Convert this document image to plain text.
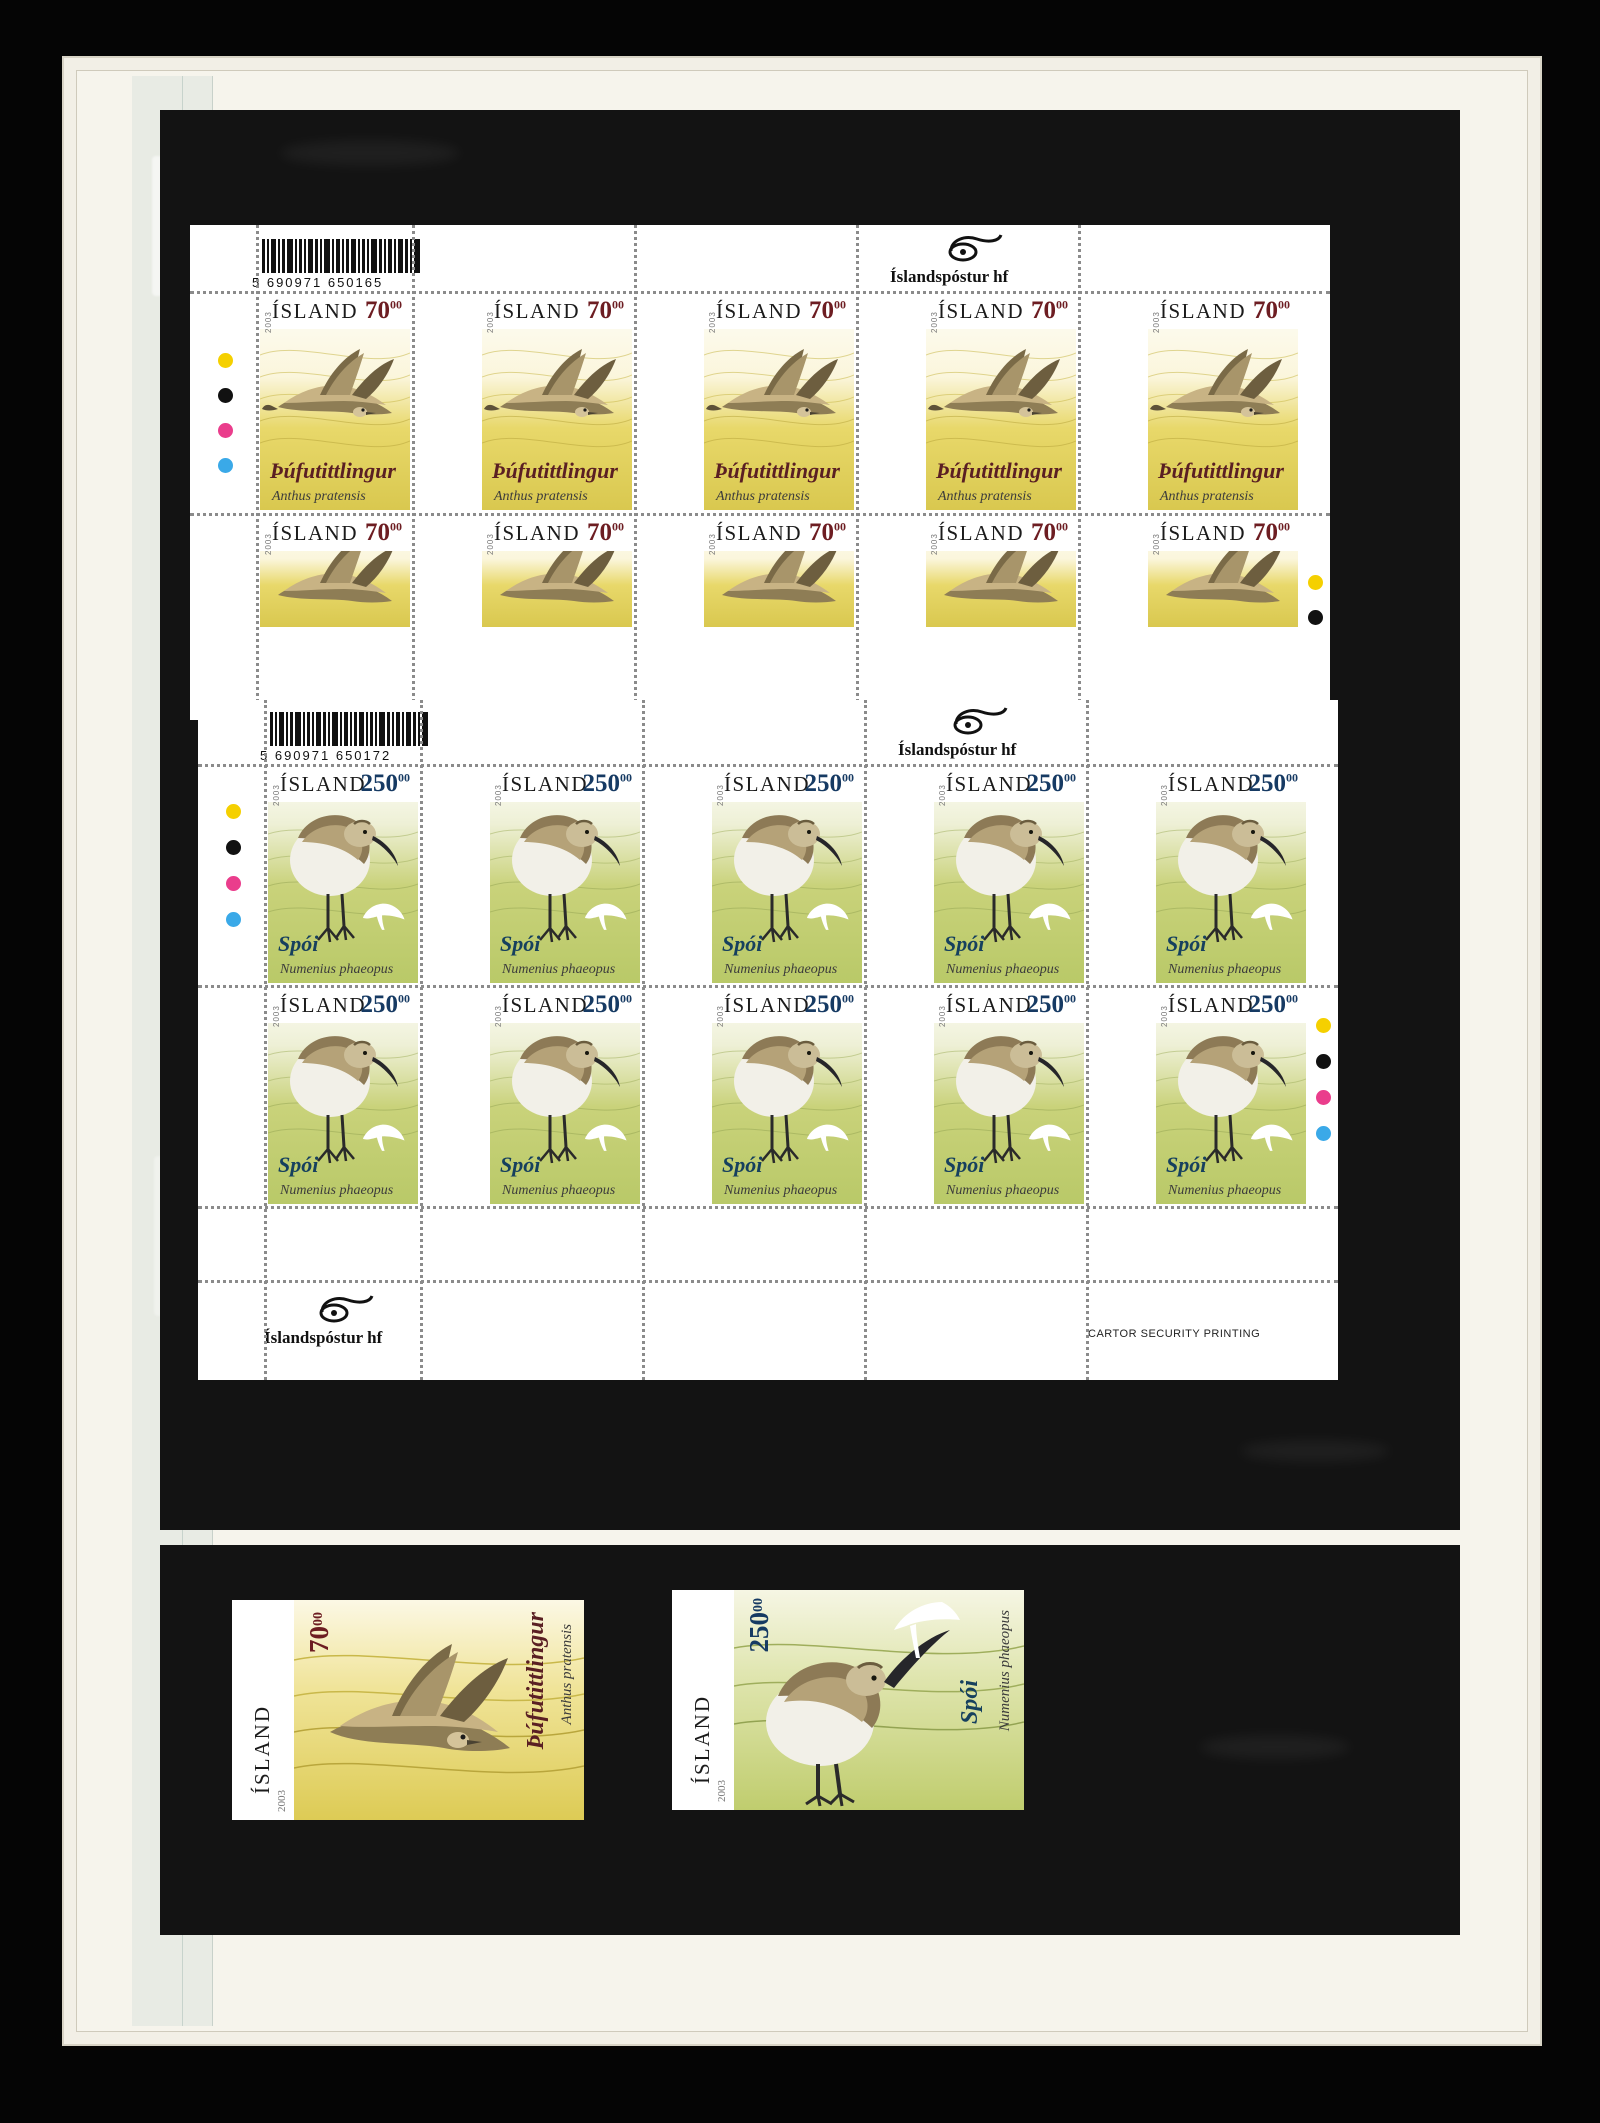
5 690971 650165	Íslandspóstur hf
ÍSLAND $70^{00}$
2003
Þúfutittlingur
Anthus pratensis
ÍSLAND $70^{00}$
2003
Þúfutittlingur
Anthus pratensis
ÍSLAND $70^{00}$
2003
Þúfutittlingur
Anthus pratensis
ÍSLAND $70^{00}$
2003
Þúfutittlingur
Anthus pratensis
ÍSLAND $70^{00}$
2003
Þúfutittlingur
Anthus pratensis
ÍSLAND $70^{00}$
2003	ÍSLAND $70^{00}$
2003	ÍSLAND $70^{00}$
2003	ÍSLAND $70^{00}$
2003	ÍSLAND $70^{00}$
2003
5 690971 650172	Íslandspóstur hf
Íslandspóstur hf	CARTOR SECURITY PRINTING
ÍSLAND
$250^{00}$
2003
Spói
Numenius phaeopus
ÍSLAND
$250^{00}$
2003
Spói
Numenius phaeopus
ÍSLAND
$250^{00}$
2003
Spói
Numenius phaeopus
ÍSLAND
$250^{00}$
2003
Spói
Numenius phaeopus
ÍSLAND
$250^{00}$
2003
Spói
Numenius phaeopus
ÍSLAND
$250^{00}$
2003
Spói
Numenius phaeopus
ÍSLAND
$250^{00}$
2003
Spói
Numenius phaeopus
ÍSLAND
$250^{00}$
2003
Spói
Numenius phaeopus
ÍSLAND
$250^{00}$
2003
Spói
Numenius phaeopus
ÍSLAND
$250^{00}$
2003
Spói
Numenius phaeopus
ÍSLAND
2003
7000	Þúfutittlingur Anthus pratensis
ÍSLAND
2003
25000
Spói Numenius phaeopus
